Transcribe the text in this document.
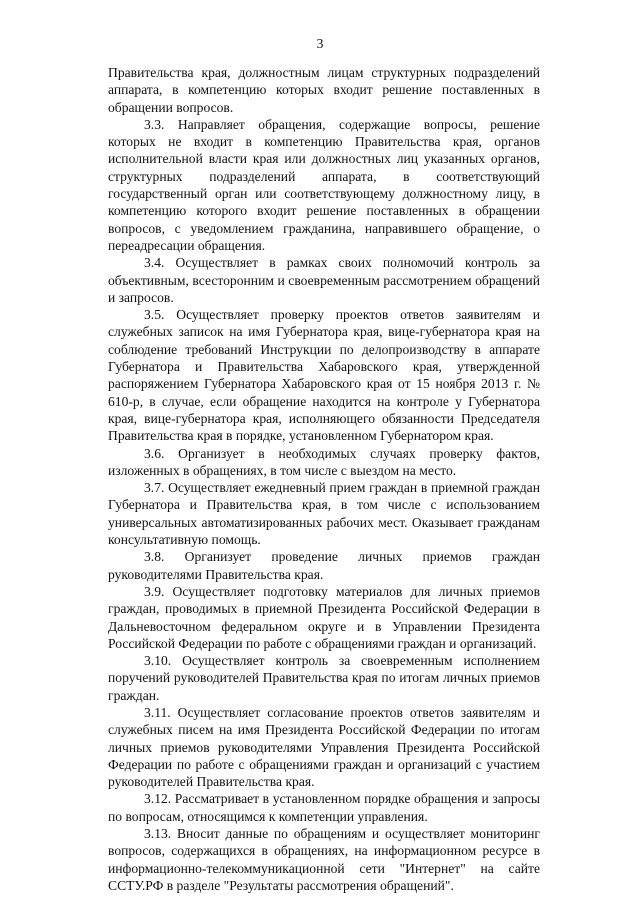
3

Правительства края, должностным лицам структурных подразделений аппарата, в компетенцию которых входит решение поставленных в обращении вопросов.

3.3. Направляет обращения, содержащие вопросы, решение которых не входит в компетенцию Правительства края, органов исполнительной власти края или должностных лиц указанных органов, структурных подразделений аппарата, в соответствующий государственный орган или соответствующему должностному лицу, в компетенцию которого входит решение поставленных в обращении вопросов, с уведомлением гражданина, направившего обращение, о переадресации обращения.

3.4. Осуществляет в рамках своих полномочий контроль за объективным, всесторонним и своевременным рассмотрением обращений и запросов.

3.5. Осуществляет проверку проектов ответов заявителям и служебных записок на имя Губернатора края, вице-губернатора края на соблюдение требований Инструкции по делопроизводству в аппарате Губернатора и Правительства Хабаровского края, утвержденной распоряжением Губернатора Хабаровского края от 15 ноября 2013 г. № 610-р, в случае, если обращение находится на контроле у Губернатора края, вице-губернатора края, исполняющего обязанности Председателя Правительства края в порядке, установленном Губернатором края.

3.6. Организует в необходимых случаях проверку фактов, изложенных в обращениях, в том числе с выездом на место.

3.7. Осуществляет ежедневный прием граждан в приемной граждан Губернатора и Правительства края, в том числе с использованием универсальных автоматизированных рабочих мест. Оказывает гражданам консультативную помощь.

3.8. Организует проведение личных приемов граждан руководителями Правительства края.

3.9. Осуществляет подготовку материалов для личных приемов граждан, проводимых в приемной Президента Российской Федерации в Дальневосточном федеральном округе и в Управлении Президента Российской Федерации по работе с обращениями граждан и организаций.

3.10. Осуществляет контроль за своевременным исполнением поручений руководителей Правительства края по итогам личных приемов граждан.

3.11. Осуществляет согласование проектов ответов заявителям и служебных писем на имя Президента Российской Федерации по итогам личных приемов руководителями Управления Президента Российской Федерации по работе с обращениями граждан и организаций с участием руководителей Правительства края.

3.12. Рассматривает в установленном порядке обращения и запросы по вопросам, относящимся к компетенции управления.

3.13. Вносит данные по обращениям и осуществляет мониторинг вопросов, содержащихся в обращениях, на информационном ресурсе в информационно-телекоммуникационной сети "Интернет" на сайте ССТУ.РФ в разделе "Результаты рассмотрения обращений".
